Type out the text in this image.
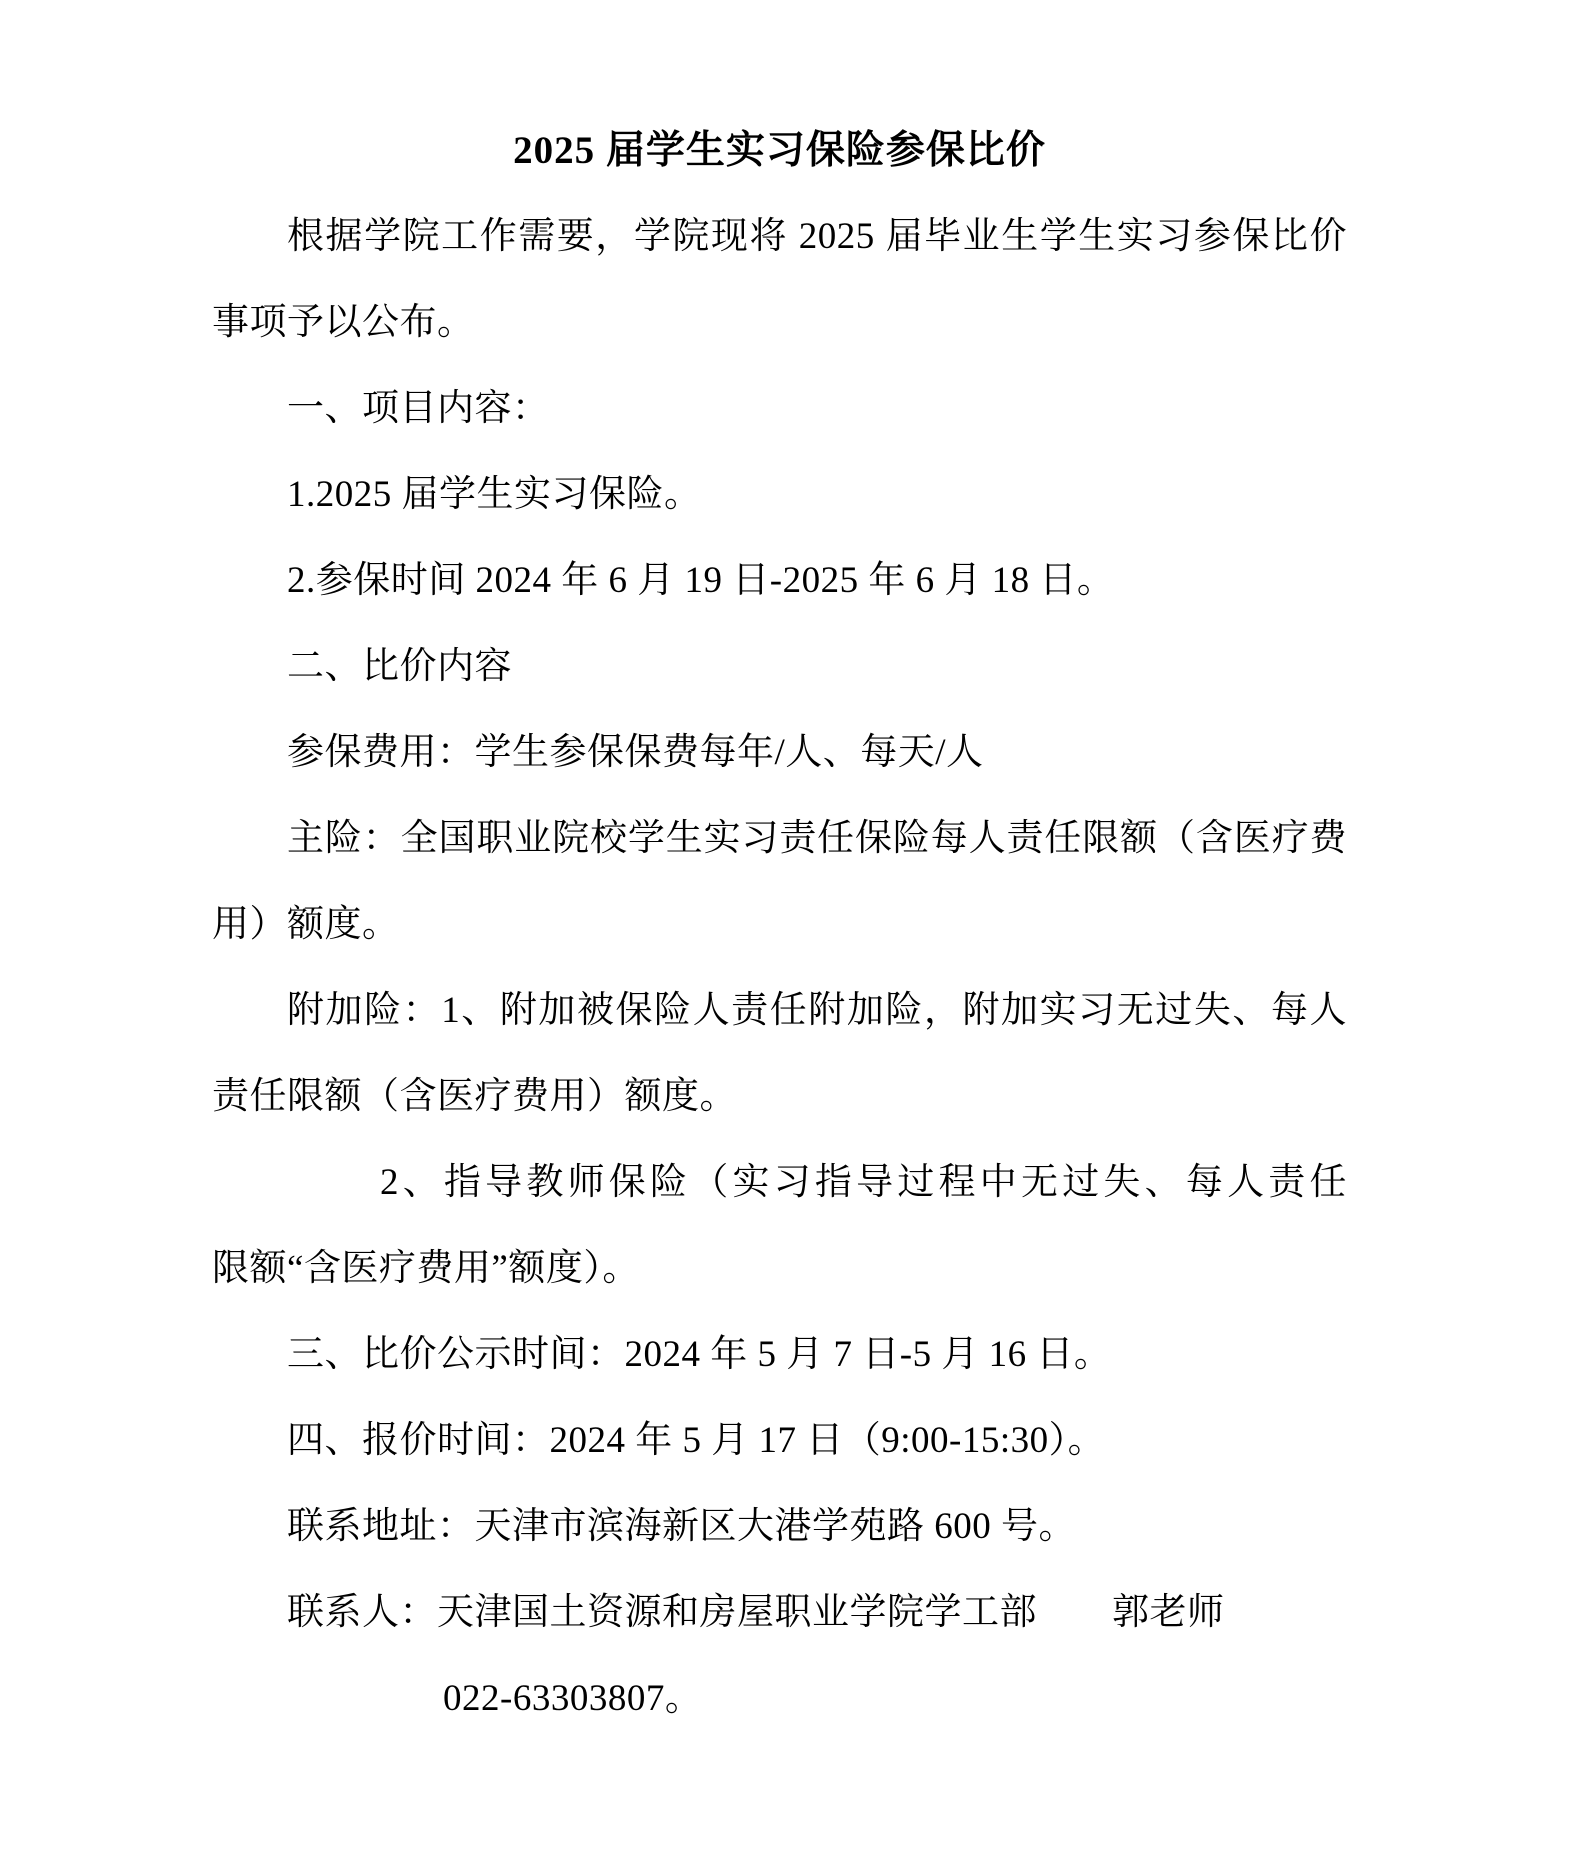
2025 届学生实习保险参保比价
根据学院工作需要，学院现将 2025 届毕业生学生实习参保比价
事项予以公布。
一、项目内容：
1.2025 届学生实习保险。
2.参保时间 2024 年 6 月 19 日-2025 年 6 月 18 日。
二、比价内容
参保费用：学生参保保费每年/人、每天/人
主险：全国职业院校学生实习责任保险每人责任限额（含医疗费
用）额度。
附加险：1、附加被保险人责任附加险，附加实习无过失、每人
责任限额（含医疗费用）额度。
2、指导教师保险（实习指导过程中无过失、每人责任
限额“含医疗费用”额度）。
三、比价公示时间：2024 年 5 月 7 日-5 月 16 日。
四、报价时间：2024 年 5 月 17 日（9:00-15:30）。
联系地址：天津市滨海新区大港学苑路 600 号。
联系人：天津国土资源和房屋职业学院学工部　　郭老师
022-63303807。
